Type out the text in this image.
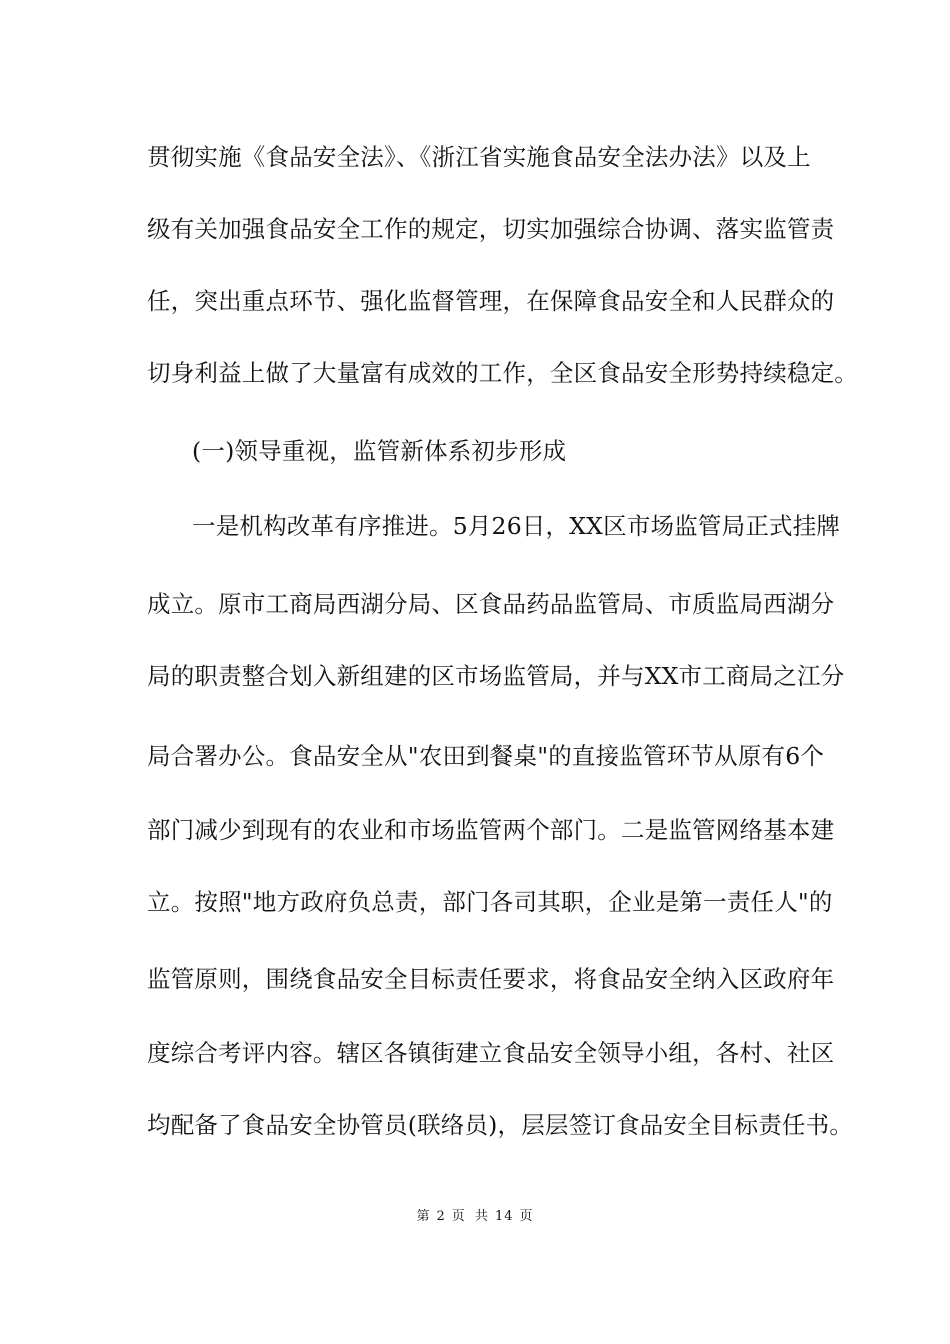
贯彻实施《食品安全法》、《浙江省实施食品安全法办法》以及上
级有关加强食品安全工作的规定，切实加强综合协调、落实监管责
任，突出重点环节、强化监督管理，在保障食品安全和人民群众的
切身利益上做了大量富有成效的工作，全区食品安全形势持续稳定。
(一)领导重视，监管新体系初步形成
一是机构改革有序推进。5月26日，XX区市场监管局正式挂牌
成立。原市工商局西湖分局、区食品药品监管局、市质监局西湖分
局的职责整合划入新组建的区市场监管局，并与XX市工商局之江分
局合署办公。食品安全从"农田到餐桌"的直接监管环节从原有6个
部门减少到现有的农业和市场监管两个部门。二是监管网络基本建
立。按照"地方政府负总责，部门各司其职，企业是第一责任人"的
监管原则，围绕食品安全目标责任要求，将食品安全纳入区政府年
度综合考评内容。辖区各镇街建立食品安全领导小组，各村、社区
均配备了食品安全协管员(联络员)，层层签订食品安全目标责任书。
第 2 页 共 14 页
